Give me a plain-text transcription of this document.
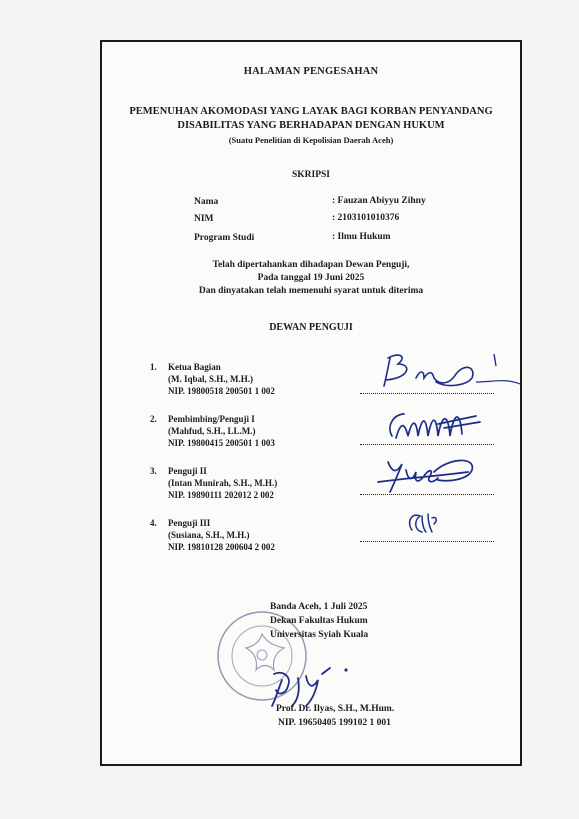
HALAMAN PENGESAHAN
PEMENUHAN AKOMODASI YANG LAYAK BAGI KORBAN PENYANDANG
DISABILITAS YANG BERHADAPAN DENGAN HUKUM
(Suatu Penelitian di Kepolisian Daerah Aceh)
SKRIPSI
Nama	: Fauzan Abiyyu Zihny
NIM	: 2103101010376
Program Studi	: Ilmu Hukum
Telah dipertahankan dihadapan Dewan Penguji,
Pada tanggal 19 Juni 2025
Dan dinyatakan telah memenuhi syarat untuk diterima
DEWAN PENGUJI
1. Ketua Bagian
(M. Iqbal, S.H., M.H.)
NIP. 19800518 200501 1 002
2. Pembimbing/Penguji I
(Mahfud, S.H., LL.M.)
NIP. 19800415 200501 1 003
3. Penguji II
(Intan Munirah, S.H., M.H.)
NIP. 19890111 202012 2 002
4. Penguji III
(Susiana, S.H., M.H.)
NIP. 19810128 200604 2 002
Banda Aceh, 1 Juli 2025
Dekan Fakultas Hukum
Universitas Syiah Kuala
Prof. Dr. Ilyas, S.H., M.Hum.
NIP. 19650405 199102 1 001
